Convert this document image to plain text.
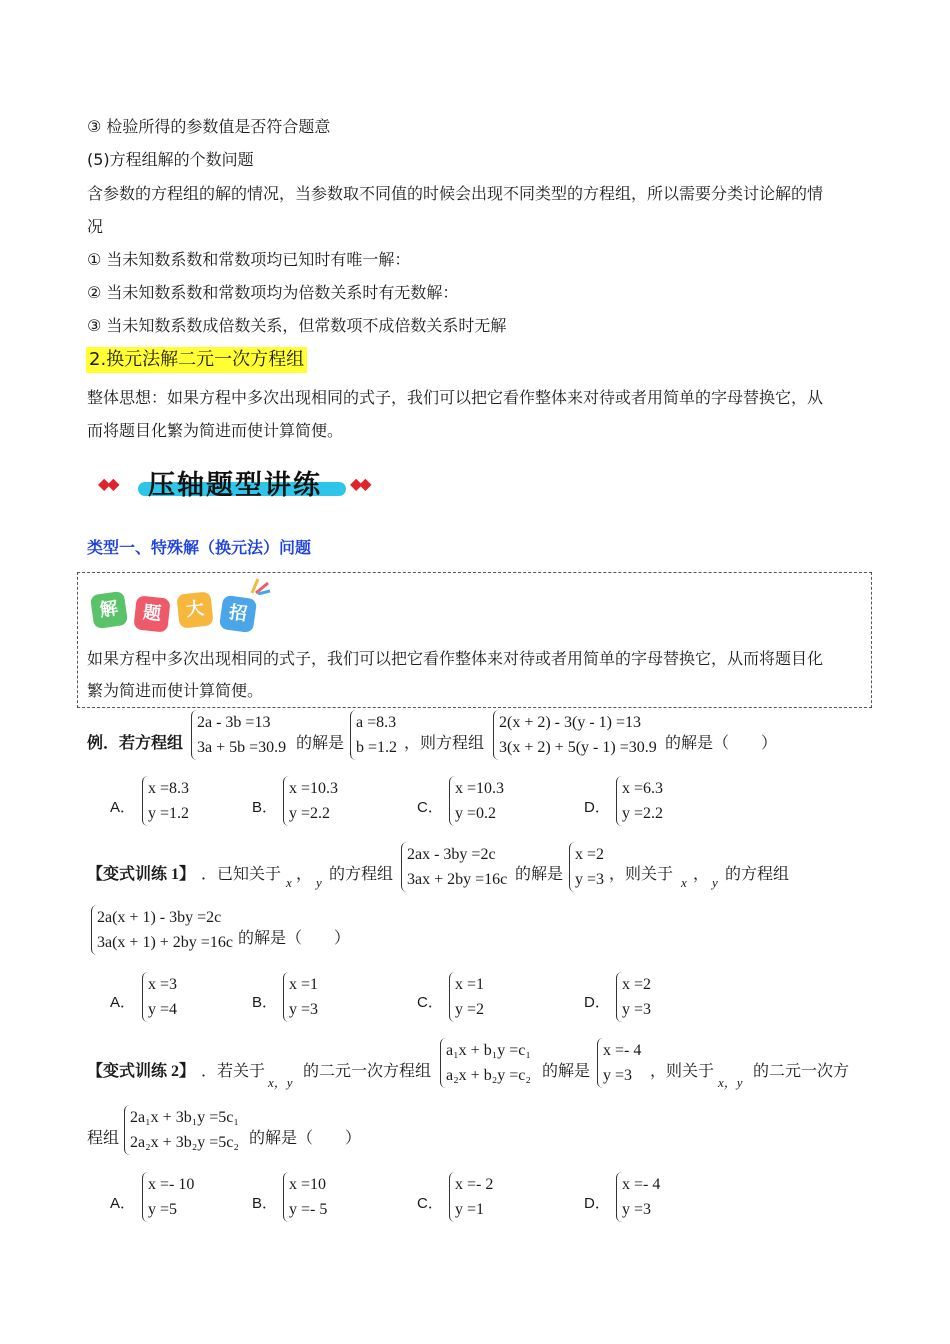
③ 检验所得的参数值是否符合题意
(5)方程组解的个数问题
含参数的方程组的解的情况，当参数取不同值的时候会出现不同类型的方程组，所以需要分类讨论解的情
况
① 当未知数系数和常数项均已知时有唯一解：
② 当未知数系数和常数项均为倍数关系时有无数解：
③ 当未知数系数成倍数关系，但常数项不成倍数关系时无解
2.换元法解二元一次方程组
整体思想：如果方程中多次出现相同的式子，我们可以把它看作整体来对待或者用简单的字母替换它，从
而将题目化繁为简进而使计算简便。
◆◆ 压轴题型讲练 ◆◆
类型一、特殊解（换元法）问题
解	题	大	招
如果方程中多次出现相同的式子，我们可以把它看作整体来对待或者用简单的字母替换它，从而将题目化
繁为简进而使计算简便。
例．若方程组
2a - 3b =13
3a + 5b =30.9 的解是
a =8.3
b =1.2 ，则方程组
2(x + 2) - 3(y - 1) =13
3(x + 2) + 5(y - 1) =30.9 的解是（　　）
A．
x =8.3
y =1.2	B．
x =10.3
y =2.2	C．
x =10.3
y =0.2	D．
x =6.3
y =2.2
【变式训练 1】 ．已知关于 x ， y 的方程组
2ax - 3by =2c
3ax + 2by =16c 的解是
x =2
y =3 ，则关于 x ， y 的方程组
2a(x + 1) - 3by =2c
3a(x + 1) + 2by =16c 的解是（　　）
A．
x =3
y =4	B．
x =1
y =3	C．
x =1
y =2	D．
x =2
y =3
【变式训练 2】 ．若关于
x，y
的二元一次方程组
a₁x + b₁y =c₁
a₂x + b₂y =c₂ 的解是
x =- 4
y =3	，则关于
x，y
的二元一次方
程组
2a₁x + 3b₁y =5c₁
2a₂x + 3b₂y =5c₂ 的解是（　　）
A．
x =- 10
y =5	B．
x =10
y =- 5	C．
x =- 2
y =1	D．
x =- 4
y =3
